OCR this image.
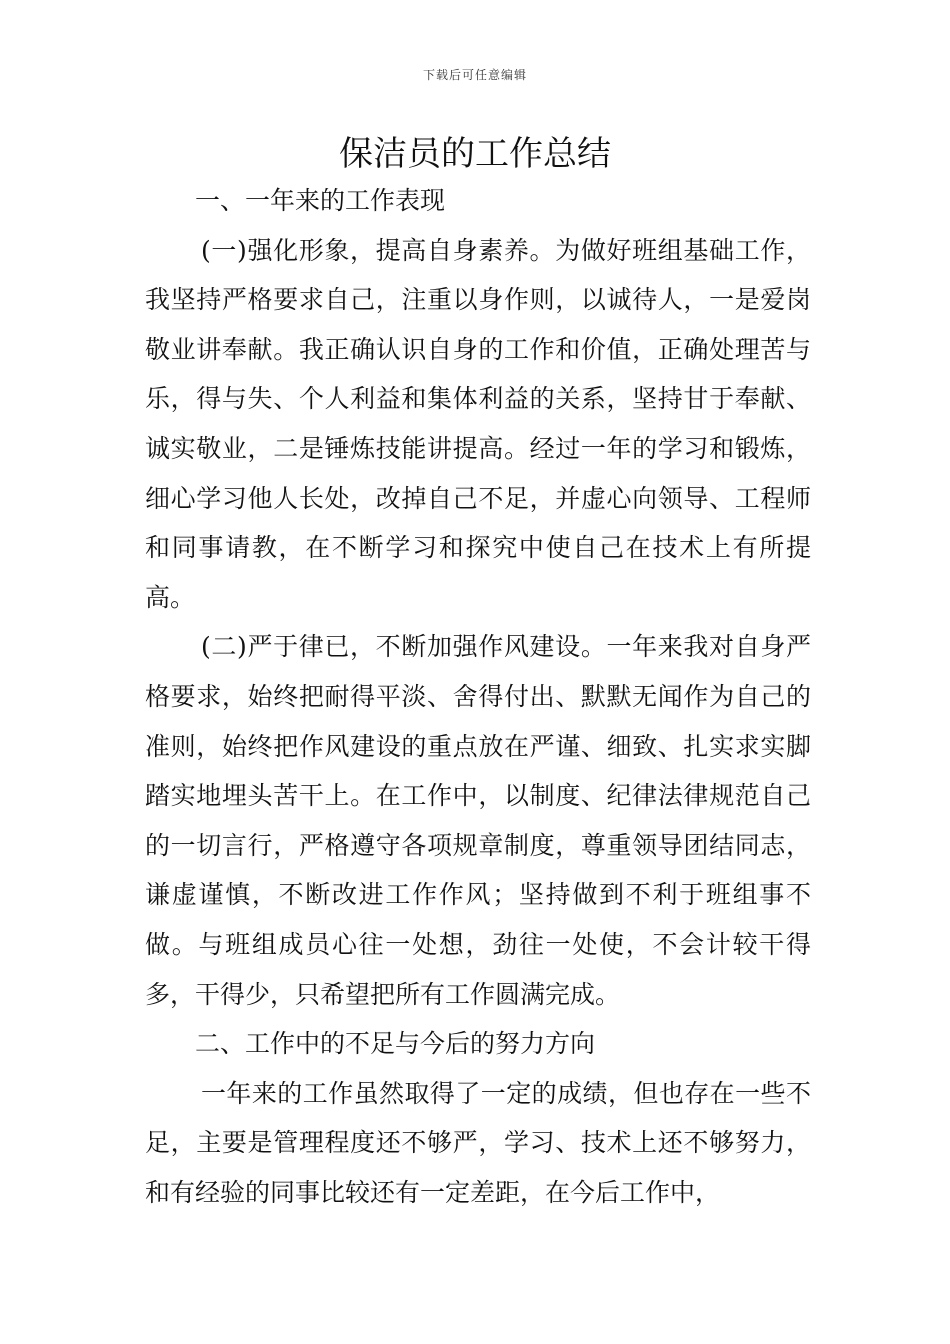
下载后可任意编辑
保洁员的工作总结

一、一年来的工作表现

(一)强化形象，提高自身素养。为做好班组基础工作，我坚持严格要求自己，注重以身作则，以诚待人，一是爱岗敬业讲奉献。我正确认识自身的工作和价值，正确处理苦与乐，得与失、个人利益和集体利益的关系，坚持甘于奉献、诚实敬业，二是锤炼技能讲提高。经过一年的学习和锻炼，细心学习他人长处，改掉自己不足，并虚心向领导、工程师和同事请教，在不断学习和探究中使自己在技术上有所提高。

(二)严于律已，不断加强作风建设。一年来我对自身严格要求，始终把耐得平淡、舍得付出、默默无闻作为自己的准则，始终把作风建设的重点放在严谨、细致、扎实求实脚踏实地埋头苦干上。在工作中，以制度、纪律法律规范自己的一切言行，严格遵守各项规章制度，尊重领导团结同志，谦虚谨慎，不断改进工作作风；坚持做到不利于班组事不做。与班组成员心往一处想，劲往一处使，不会计较干得多，干得少，只希望把所有工作圆满完成。

二、工作中的不足与今后的努力方向

一年来的工作虽然取得了一定的成绩，但也存在一些不足，主要是管理程度还不够严，学习、技术上还不够努力，和有经验的同事比较还有一定差距，在今后工作中，
